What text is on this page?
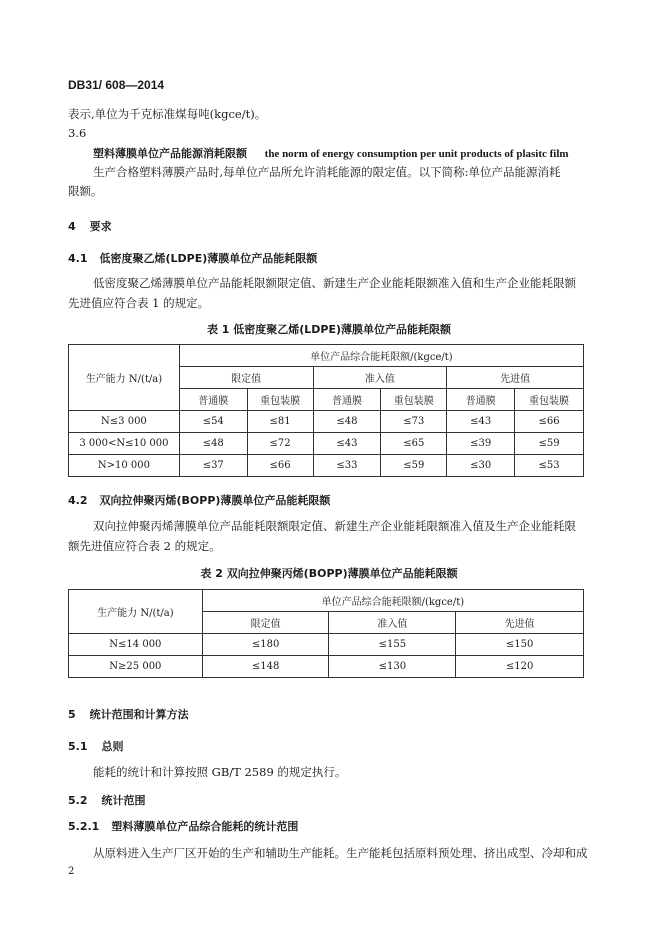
DB31/ 608—2014
表示,单位为千克标准煤每吨(kgce/t)。
3.6
塑料薄膜单位产品能源消耗限额 the norm of energy consumption per unit products of plasitc film
生产合格塑料薄膜产品时,每单位产品所允许消耗能源的限定值。以下简称:单位产品能源消耗
限额。
4 要求
4.1 低密度聚乙烯(LDPE)薄膜单位产品能耗限额
低密度聚乙烯薄膜单位产品能耗限额限定值、新建生产企业能耗限额准入值和生产企业能耗限额
先进值应符合表 1 的规定。
表 1 低密度聚乙烯(LDPE)薄膜单位产品能耗限额
生产能力 N/(t/a)	单位产品综合能耗限额/(kgce/t)					
	限定值		准入值		先进值	
	普通膜	重包装膜	普通膜	重包装膜	普通膜	重包装膜
N≤3 000	≤54	≤81	≤48	≤73	≤43	≤66
3 000<N≤10 000	≤48	≤72	≤43	≤65	≤39	≤59
N>10 000	≤37	≤66	≤33	≤59	≤30	≤53
4.2 双向拉伸聚丙烯(BOPP)薄膜单位产品能耗限额
双向拉伸聚丙烯薄膜单位产品能耗限额限定值、新建生产企业能耗限额准入值及生产企业能耗限
额先进值应符合表 2 的规定。
表 2 双向拉伸聚丙烯(BOPP)薄膜单位产品能耗限额
生产能力 N/(t/a)	单位产品综合能耗限额/(kgce/t)		
	限定值	准入值	先进值
N≤14 000	≤180	≤155	≤150
N≥25 000	≤148	≤130	≤120
5 统计范围和计算方法
5.1 总则
能耗的统计和计算按照 GB/T 2589 的规定执行。
5.2 统计范围
5.2.1 塑料薄膜单位产品综合能耗的统计范围
从原料进入生产厂区开始的生产和辅助生产能耗。生产能耗包括原料预处理、挤出成型、冷却和成
2
